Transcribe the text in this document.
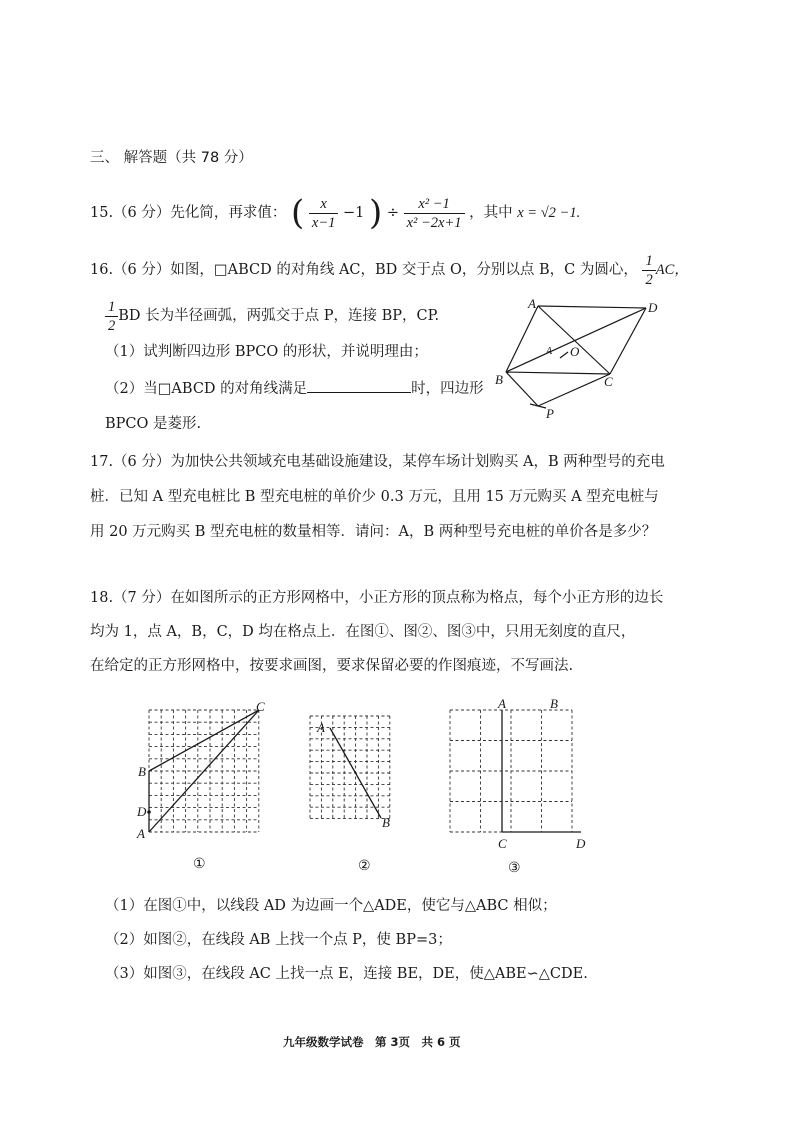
三、 解答题（共 78 分）
15.（6 分）先化简，再求值： ( $\frac{x}{x-1} -1$ ) ÷ $\frac{\text{x² −1}}{\text{x² −2x+1}}$ ，其中 x = √2 −1.
16.（6 分）如图，□ABCD 的对角线 AC，BD 交于点 O，分别以点 B，C 为圆心， $\frac{1}{2}$ AC，
$\frac{1}{2}$ BD 长为半径画弧，两弧交于点 P，连接 BP，CP.
（1）试判断四边形 BPCO 的形状，并说明理由；
（2）当□ABCD 的对角线满足	时，四边形
BPCO 是菱形.
A	D
O
B	C
P
A
17.（6 分）为加快公共领域充电基础设施建设，某停车场计划购买 A，B 两种型号的充电
桩．已知 A 型充电桩比 B 型充电桩的单价少 0.3 万元，且用 15 万元购买 A 型充电桩与
用 20 万元购买 B 型充电桩的数量相等．请问：A，B 两种型号充电桩的单价各是多少？
18.（7 分）在如图所示的正方形网格中，小正方形的顶点称为格点，每个小正方形的边长
均为 1，点 A，B，C，D 均在格点上．在图①、图②、图③中，只用无刻度的直尺，
在给定的正方形网格中，按要求画图，要求保留必要的作图痕迹，不写画法.
C
B
D
A
A
B
A	B
C	D
①	②	③
（1）在图①中，以线段 AD 为边画一个△ADE，使它与△ABC 相似；
（2）如图②，在线段 AB 上找一个点 P，使 BP=3；
（3）如图③，在线段 AC 上找一点 E，连接 BE，DE，使△ABE∽△CDE.
九年级数学试卷　第 3页　共 6 页
